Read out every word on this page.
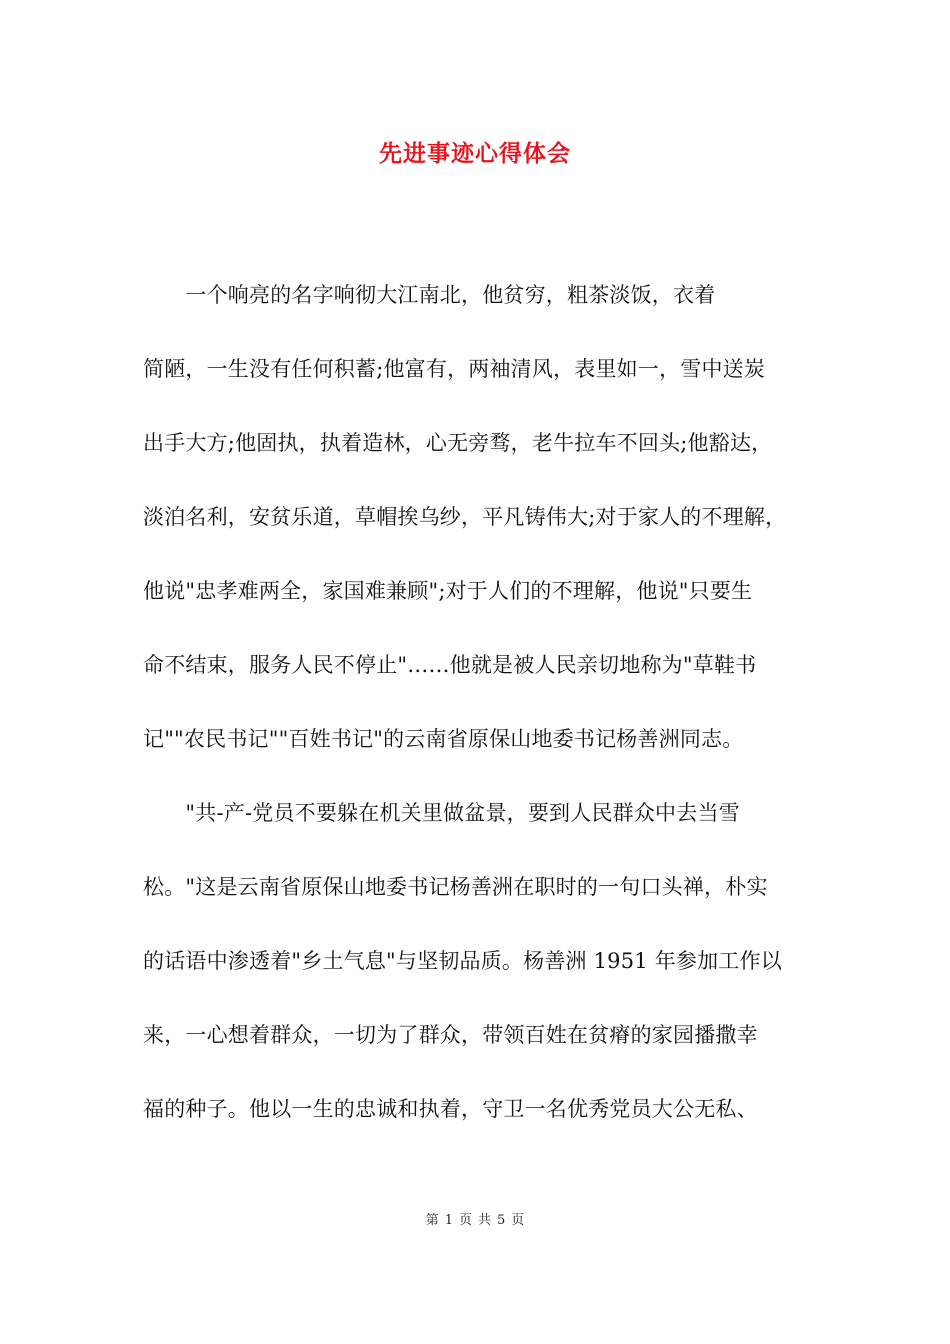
先进事迹心得体会
　　一个响亮的名字响彻大江南北，他贫穷，粗茶淡饭，衣着
简陋，一生没有任何积蓄;他富有，两袖清风，表里如一，雪中送炭
出手大方;他固执，执着造林，心无旁骛，老牛拉车不回头;他豁达，
淡泊名利，安贫乐道，草帽挨乌纱，平凡铸伟大;对于家人的不理解，
他说"忠孝难两全，家国难兼顾";对于人们的不理解，他说"只要生
命不结束，服务人民不停止"……他就是被人民亲切地称为"草鞋书
记""农民书记""百姓书记"的云南省原保山地委书记杨善洲同志。
　　"共-产-党员不要躲在机关里做盆景，要到人民群众中去当雪
松。"这是云南省原保山地委书记杨善洲在职时的一句口头禅，朴实
的话语中渗透着"乡土气息"与坚韧品质。杨善洲 1951 年参加工作以
来，一心想着群众，一切为了群众，带领百姓在贫瘠的家园播撒幸
福的种子。他以一生的忠诚和执着，守卫一名优秀党员大公无私、
第 1 页 共 5 页
